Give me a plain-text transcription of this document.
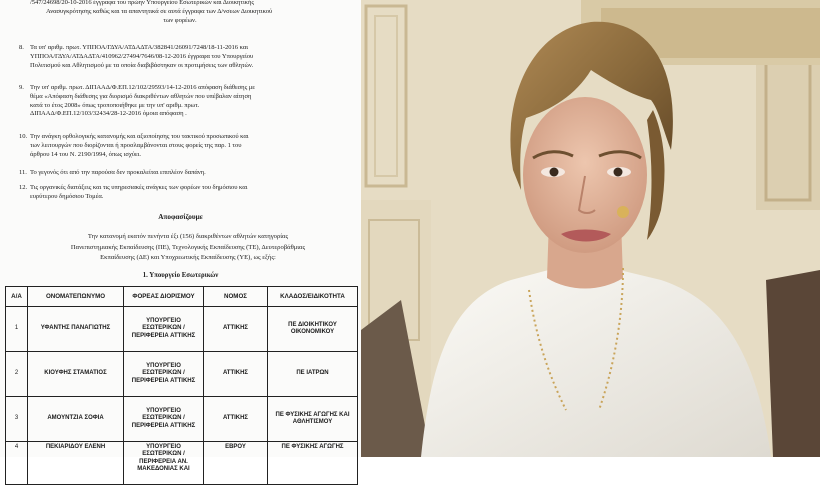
/547/24698/20-10-2016 έγγραφα του πρώην Υπουργείου Εσωτερικών και Διοικητικής
Ανασυγκρότησης καθώς και τα απαντητικά σε αυτά έγγραφα των Δ/νσεων Διοικητικού
των φορέων.
8. Τα υπ' αριθμ. πρωτ. ΥΠΠΟΑ/ΓΔΥΑ/ΑΤΔΑΔΤΑ/382841/26091/7248/18-11-2016 και
ΥΠΠΟΑ/ΓΔΥΑ/ΑΤΔΑΔΤΑ/410962/27494/7646/08-12-2016 έγγραφα του Υπουργείου
Πολιτισμού και Αθλητισμού με τα οποία διαβιβάστηκαν οι προτιμήσεις των αθλητών.
9. Την υπ' αριθμ. πρωτ. ΔΙΠΑΑΔ/Φ.ΕΠ.12/102/29593/14-12-2016 απόφαση διάθεσης με
θέμα «Απόφαση διάθεσης για διορισμό διακριθέντων αθλητών που υπέβαλαν αίτηση
κατά το έτος 2008» όπως τροποποιήθηκε με την υπ' αριθμ. πρωτ.
ΔΙΠΑΑΔ/Φ.ΕΠ.12/103/32434/28-12-2016 όμοια απόφαση .
10. Την ανάγκη ορθολογικής κατανομής και αξιοποίησης του τακτικού προσωπικού και
των λειτουργών που διορίζονται ή προσλαμβάνονται στους φορείς της παρ. 1 του
άρθρου 14 του Ν. 2190/1994, όπως ισχύει.
11. Το γεγονός ότι από την παρούσα δεν προκαλείται επιπλέον δαπάνη.
12. Τις οργανικές διατάξεις και τις υπηρεσιακές ανάγκες των φορέων του δημόσιου και
ευρύτερου δημόσιου Τομέα.
Αποφασίζουμε
Την κατανομή εκατόν πενήντα έξι (156) διακριθέντων αθλητών κατηγορίας
Πανεπιστημιακής Εκπαίδευσης (ΠΕ), Τεχνολογικής Εκπαίδευσης (ΤΕ), Δευτεροβάθμιας
Εκπαίδευσης (ΔΕ) και Υποχρεωτικής Εκπαίδευσης (ΥΕ), ως εξής:
1. Υπουργείο Εσωτερικών
Α/Α	ΟΝΟΜΑΤΕΠΩΝΥΜΟ	ΦΟΡΕΑΣ ΔΙΟΡΙΣΜΟΥ	ΝΟΜΟΣ	ΚΛΑΔΟΣ/ΕΙΔΙΚΟΤΗΤΑ
1	ΥΦΑΝΤΗΣ ΠΑΝΑΓΙΩΤΗΣ	ΥΠΟΥΡΓΕΙΟ ΕΣΩΤΕΡΙΚΩΝ / ΠΕΡΙΦΕΡΕΙΑ ΑΤΤΙΚΗΣ	ΑΤΤΙΚΗΣ	ΠΕ ΔΙΟΙΚΗΤΙΚΟΥ ΟΙΚΟΝΟΜΙΚΟΥ
2	ΚΙΟΥΦΗΣ ΣΤΑΜΑΤΙΟΣ	ΥΠΟΥΡΓΕΙΟ ΕΣΩΤΕΡΙΚΩΝ / ΠΕΡΙΦΕΡΕΙΑ ΑΤΤΙΚΗΣ	ΑΤΤΙΚΗΣ	ΠΕ ΙΑΤΡΩΝ
3	ΑΜΟΥΝΤΖΙΑ ΣΟΦΙΑ	ΥΠΟΥΡΓΕΙΟ ΕΣΩΤΕΡΙΚΩΝ / ΠΕΡΙΦΕΡΕΙΑ ΑΤΤΙΚΗΣ	ΑΤΤΙΚΗΣ	ΠΕ ΦΥΣΙΚΗΣ ΑΓΩΓΗΣ ΚΑΙ ΑΘΛΗΤΙΣΜΟΥ
4	ΠΕΚΙΑΡΙΔΟΥ ΕΛΕΝΗ	ΥΠΟΥΡΓΕΙΟ ΕΣΩΤΕΡΙΚΩΝ / ΠΕΡΙΦΕΡΕΙΑ ΑΝ. ΜΑΚΕΔΟΝΙΑΣ ΚΑΙ	ΕΒΡΟΥ	ΠΕ ΦΥΣΙΚΗΣ ΑΓΩΓΗΣ
